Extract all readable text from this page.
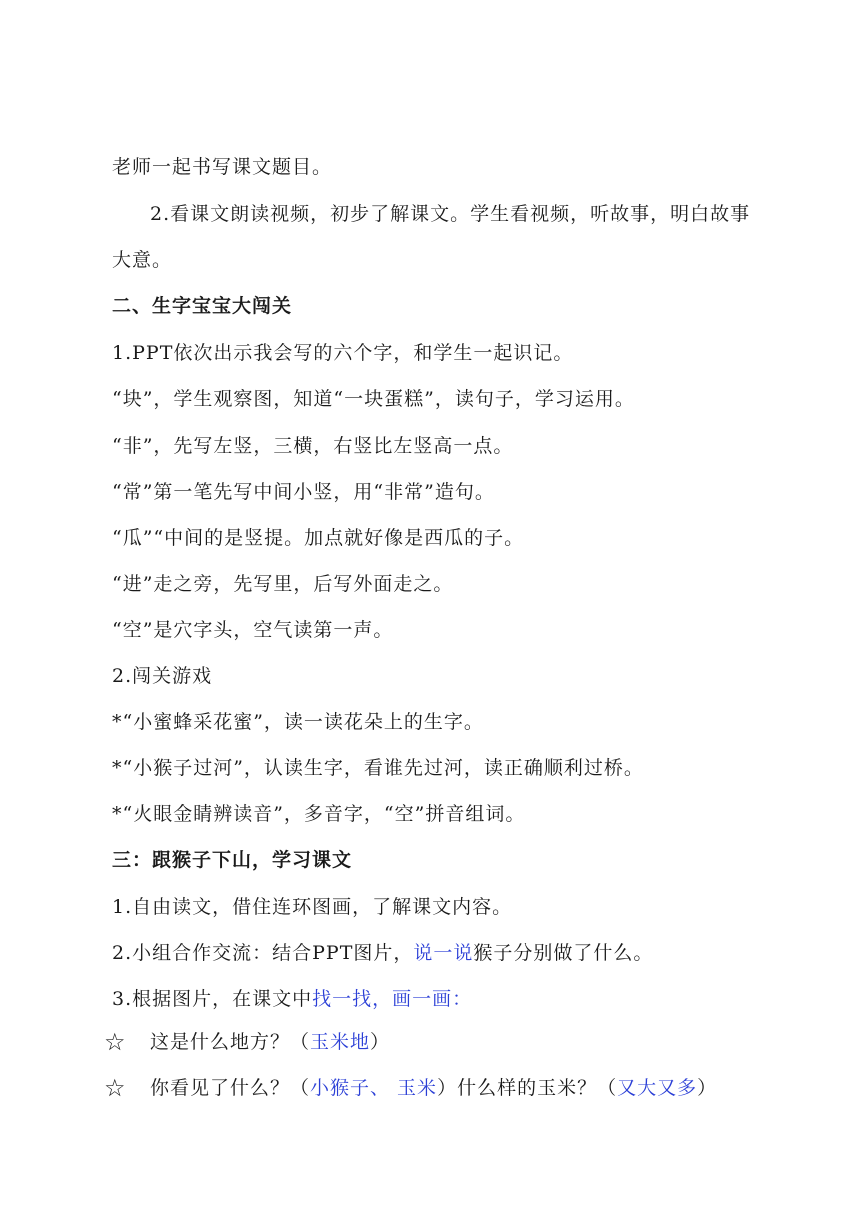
老师一起书写课文题目。
2.看课文朗读视频，初步了解课文。学生看视频，听故事，明白故事
大意。
二、生字宝宝大闯关
1.PPT依次出示我会写的六个字，和学生一起识记。
“块”，学生观察图，知道“一块蛋糕”，读句子，学习运用。
“非”，先写左竖，三横，右竖比左竖高一点。
“常”第一笔先写中间小竖，用“非常”造句。
“瓜”“中间的是竖提。加点就好像是西瓜的子。
“进”走之旁，先写里，后写外面走之。
“空”是穴字头，空气读第一声。
2.闯关游戏
*“小蜜蜂采花蜜”，读一读花朵上的生字。
*“小猴子过河”，认读生字，看谁先过河，读正确顺利过桥。
*“火眼金睛辨读音”，多音字，“空”拼音组词。
三：跟猴子下山，学习课文
1.自由读文，借住连环图画，了解课文内容。
2.小组合作交流：结合PPT图片，说一说猴子分别做了什么。
3.根据图片，在课文中找一找，画一画：
☆ 这是什么地方？（玉米地）
☆ 你看见了什么？（小猴子、 玉米）什么样的玉米？（又大又多）
